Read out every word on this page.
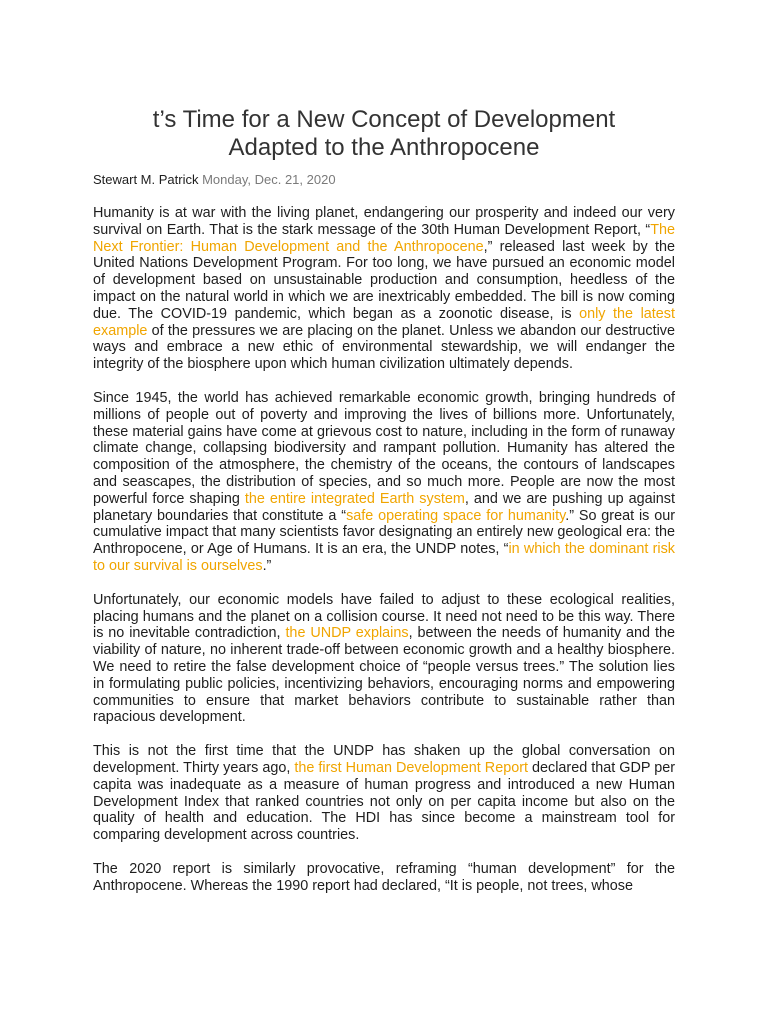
t’s Time for a New Concept of Development
Adapted to the Anthropocene
Stewart M. Patrick Monday, Dec. 21, 2020

Humanity is at war with the living planet, endangering our prosperity and indeed our very survival on Earth. That is the stark message of the 30th Human Development Report, “The Next Frontier: Human Development and the Anthropocene,” released last week by the United Nations Development Program. For too long, we have pursued an economic model of development based on unsustainable production and consumption, heedless of the impact on the natural world in which we are inextricably embedded. The bill is now coming due. The COVID-19 pandemic, which began as a zoonotic disease, is only the latest example of the pressures we are placing on the planet. Unless we abandon our destructive ways and embrace a new ethic of environmental stewardship, we will endanger the integrity of the biosphere upon which human civilization ultimately depends.

Since 1945, the world has achieved remarkable economic growth, bringing hundreds of millions of people out of poverty and improving the lives of billions more. Unfortunately, these material gains have come at grievous cost to nature, including in the form of runaway climate change, collapsing biodiversity and rampant pollution. Humanity has altered the composition of the atmosphere, the chemistry of the oceans, the contours of landscapes and seascapes, the distribution of species, and so much more. People are now the most powerful force shaping the entire integrated Earth system, and we are pushing up against planetary boundaries that constitute a “safe operating space for humanity.” So great is our cumulative impact that many scientists favor designating an entirely new geological era: the Anthropocene, or Age of Humans. It is an era, the UNDP notes, “in which the dominant risk to our survival is ourselves.”

Unfortunately, our economic models have failed to adjust to these ecological realities, placing humans and the planet on a collision course. It need not need to be this way. There is no inevitable contradiction, the UNDP explains, between the needs of humanity and the viability of nature, no inherent trade-off between economic growth and a healthy biosphere. We need to retire the false development choice of “people versus trees.” The solution lies in formulating public policies, incentivizing behaviors, encouraging norms and empowering communities to ensure that market behaviors contribute to sustainable rather than rapacious development.

This is not the first time that the UNDP has shaken up the global conversation on development. Thirty years ago, the first Human Development Report declared that GDP per capita was inadequate as a measure of human progress and introduced a new Human Development Index that ranked countries not only on per capita income but also on the quality of health and education. The HDI has since become a mainstream tool for comparing development across countries.

The 2020 report is similarly provocative, reframing “human development” for the Anthropocene. Whereas the 1990 report had declared, “It is people, not trees, whose
